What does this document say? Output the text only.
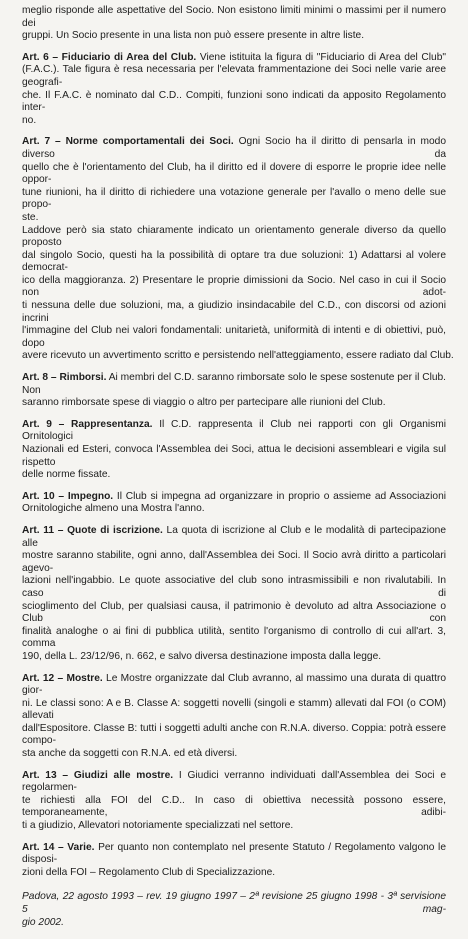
meglio risponde alle aspettative del Socio. Non esistono limiti minimi o massimi per il numero dei
gruppi. Un Socio presente in una lista non può essere presente in altre liste.

Art. 6 – Fiduciario di Area del Club. Viene istituita la figura di "Fiduciario di Area del Club"
(F.A.C.). Tale figura è resa necessaria per l'elevata frammentazione dei Soci nelle varie aree geografi-
che. Il F.A.C. è nominato dal C.D.. Compiti, funzioni sono indicati da apposito Regolamento inter-
no.

Art. 7 – Norme comportamentali dei Soci. Ogni Socio ha il diritto di pensarla in modo diverso da
quello che è l'orientamento del Club, ha il diritto ed il dovere di esporre le proprie idee nelle oppor-
tune riunioni, ha il diritto di richiedere una votazione generale per l'avallo o meno delle sue propo-
ste.
Laddove però sia stato chiaramente indicato un orientamento generale diverso da quello proposto
dal singolo Socio, questi ha la possibilità di optare tra due soluzioni: 1) Adattarsi al volere democrat-
ico della maggioranza. 2) Presentare le proprie dimissioni da Socio. Nel caso in cui il Socio non adot-
ti nessuna delle due soluzioni, ma, a giudizio insindacabile del C.D., con discorsi od azioni incrini
l'immagine del Club nei valori fondamentali: unitarietà, uniformità di intenti e di obiettivi, può, dopo
avere ricevuto un avvertimento scritto e persistendo nell'atteggiamento, essere radiato dal Club.

Art. 8 – Rimborsi. Ai membri del C.D. saranno rimborsate solo le spese sostenute per il Club. Non
saranno rimborsate spese di viaggio o altro per partecipare alle riunioni del Club.

Art. 9 – Rappresentanza. Il C.D. rappresenta il Club nei rapporti con gli Organismi Ornitologici
Nazionali ed Esteri, convoca l'Assemblea dei Soci, attua le decisioni assembleari e vigila sul rispetto
delle norme fissate.

Art. 10 – Impegno. Il Club si impegna ad organizzare in proprio o assieme ad Associazioni
Ornitologiche almeno una Mostra l'anno.

Art. 11 – Quote di iscrizione. La quota di iscrizione al Club e le modalità di partecipazione alle
mostre saranno stabilite, ogni anno, dall'Assemblea dei Soci. Il Socio avrà diritto a particolari agevo-
lazioni nell'ingabbio. Le quote associative del club sono intrasmissibili e non rivalutabili. In caso di
scioglimento del Club, per qualsiasi causa, il patrimonio è devoluto ad altra Associazione o Club con
finalità analoghe o ai fini di pubblica utilità, sentito l'organismo di controllo di cui all'art. 3, comma
190, della L. 23/12/96, n. 662, e salvo diversa destinazione imposta dalla legge.

Art. 12 – Mostre. Le Mostre organizzate dal Club avranno, al massimo una durata di quattro gior-
ni. Le classi sono: A e B. Classe A: soggetti novelli (singoli e stamm) allevati dal FOI (o COM) allevati
dall'Espositore. Classe B: tutti i soggetti adulti anche con R.N.A. diverso. Coppia: potrà essere compo-
sta anche da soggetti con R.N.A. ed età diversi.

Art. 13 – Giudizi alle mostre. I Giudici verranno individuati dall'Assemblea dei Soci e regolarmen-
te richiesti alla FOI del C.D.. In caso di obiettiva necessità possono essere, temporaneamente, adibi-
ti a giudizio, Allevatori notoriamente specializzati nel settore.

Art. 14 – Varie. Per quanto non contemplato nel presente Statuto / Regolamento valgono le disposi-
zioni della FOI – Regolamento Club di Specializzazione.

Padova, 22 agosto 1993 – rev. 19 giugno 1997 – 2ª revisione 25 giugno 1998 - 3ª servisione 5 mag-
gio 2002.
